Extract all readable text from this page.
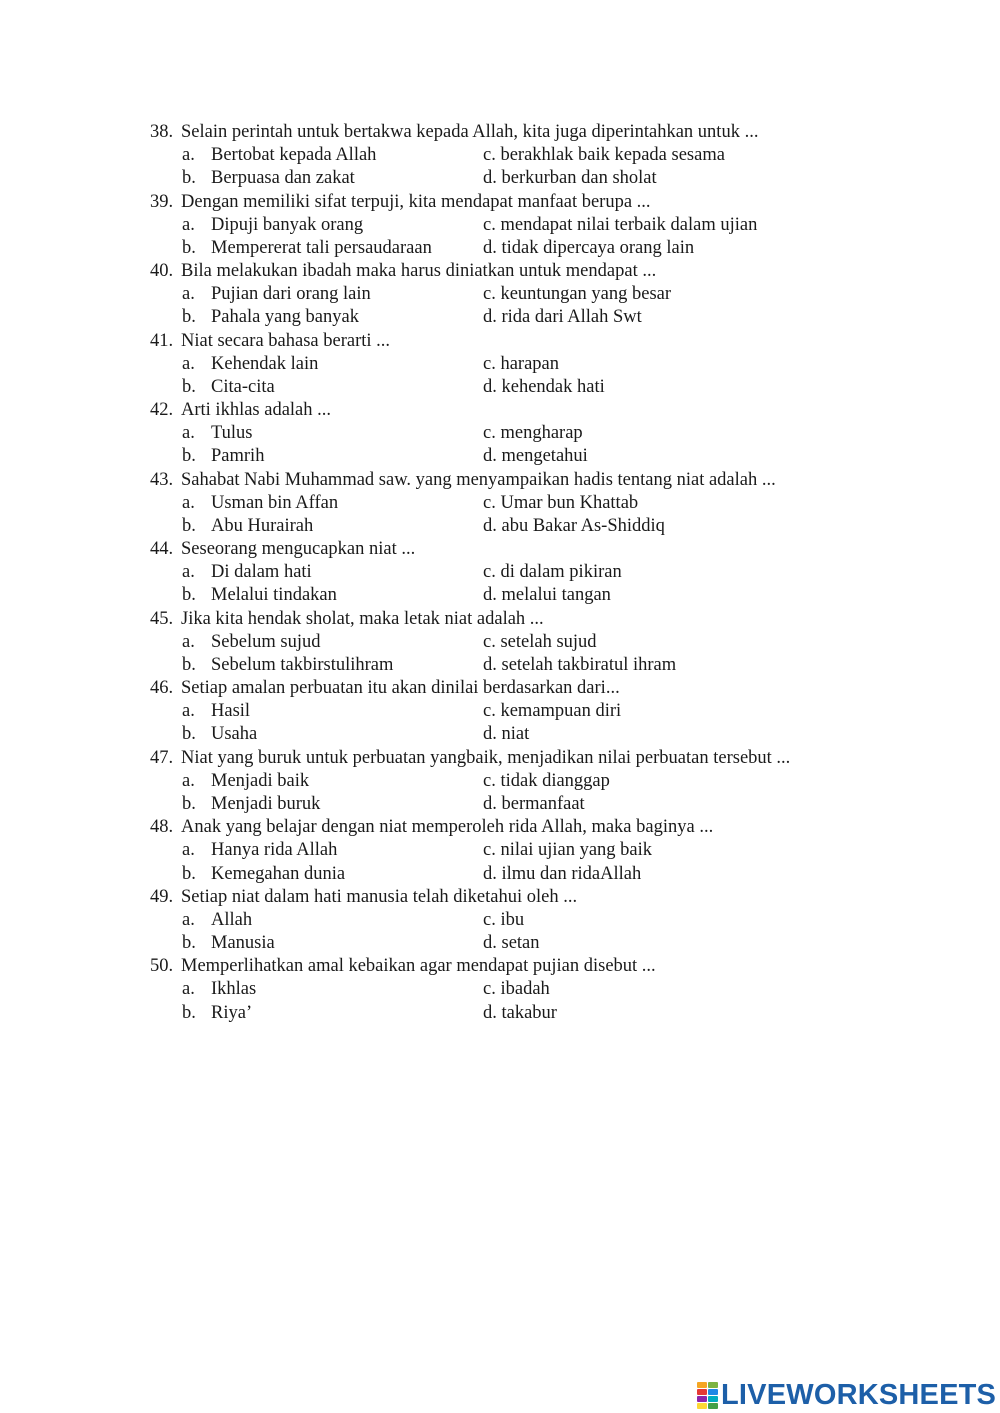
38. Selain perintah untuk bertakwa kepada Allah, kita juga diperintahkan untuk ...
a. Bertobat kepada Allah	c. berakhlak baik kepada sesama
b. Berpuasa dan zakat	d. berkurban dan sholat
39. Dengan memiliki sifat terpuji, kita mendapat manfaat berupa ...
a. Dipuji banyak orang	c. mendapat nilai terbaik dalam ujian
b. Mempererat tali persaudaraan	d. tidak dipercaya orang lain
40. Bila melakukan ibadah maka harus diniatkan untuk mendapat ...
a. Pujian dari orang lain	c. keuntungan yang besar
b. Pahala yang banyak	d. rida dari Allah Swt
41. Niat secara bahasa berarti ...
a. Kehendak lain	c. harapan
b. Cita-cita	d. kehendak hati
42. Arti ikhlas adalah ...
a. Tulus	c. mengharap
b. Pamrih	d. mengetahui
43. Sahabat Nabi Muhammad saw. yang menyampaikan hadis tentang niat adalah ...
a. Usman bin Affan	c. Umar bun Khattab
b. Abu Hurairah	d. abu Bakar As-Shiddiq
44. Seseorang mengucapkan niat ...
a. Di dalam hati	c. di dalam pikiran
b. Melalui tindakan	d. melalui tangan
45. Jika kita hendak sholat, maka letak niat adalah ...
a. Sebelum sujud	c. setelah sujud
b. Sebelum takbirstulihram	d. setelah takbiratul ihram
46. Setiap amalan perbuatan itu akan dinilai berdasarkan dari...
a. Hasil	c. kemampuan diri
b. Usaha	d. niat
47. Niat yang buruk untuk perbuatan yangbaik, menjadikan nilai perbuatan tersebut ...
a. Menjadi baik	c. tidak dianggap
b. Menjadi buruk	d. bermanfaat
48. Anak yang belajar dengan niat memperoleh rida Allah, maka baginya ...
a. Hanya rida Allah	c. nilai ujian yang baik
b. Kemegahan dunia	d. ilmu dan ridaAllah
49. Setiap niat dalam hati manusia telah diketahui oleh ...
a. Allah	c. ibu
b. Manusia	d. setan
50. Memperlihatkan amal kebaikan agar mendapat pujian disebut ...
a. Ikhlas	c. ibadah
b. Riya’	d. takabur
LIVEWORKSHEETS
